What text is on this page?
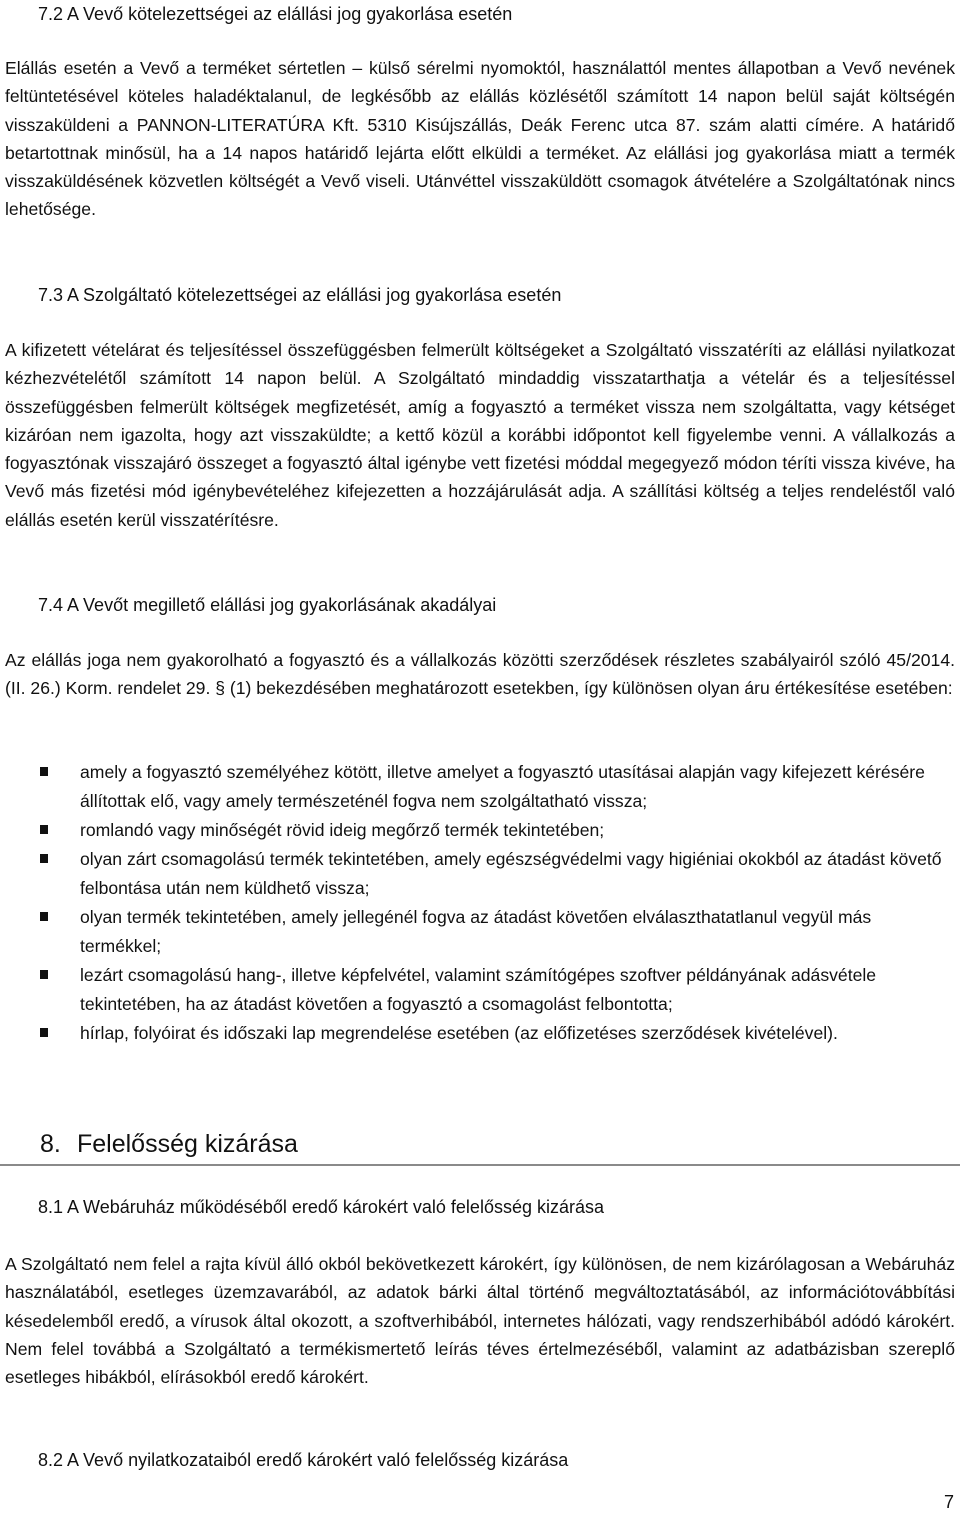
7.2 A Vevő kötelezettségei az elállási jog gyakorlása esetén

Elállás esetén a Vevő a terméket sértetlen – külső sérelmi nyomoktól, használattól mentes állapotban a Vevő nevének feltüntetésével köteles haladéktalanul, de legkésőbb az elállás közlésétől számított 14 napon belül saját költségén visszaküldeni a PANNON-LITERATÚRA Kft. 5310 Kisújszállás, Deák Ferenc utca 87. szám alatti címére. A határidő betartottnak minősül, ha a 14 napos határidő lejárta előtt elküldi a terméket. Az elállási jog gyakorlása miatt a termék visszaküldésének közvetlen költségét a Vevő viseli. Utánvéttel visszaküldött csomagok átvételére a Szolgáltatónak nincs lehetősége.

7.3 A Szolgáltató kötelezettségei az elállási jog gyakorlása esetén

A kifizetett vételárat és teljesítéssel összefüggésben felmerült költségeket a Szolgáltató visszatéríti az elállási nyilatkozat kézhezvételétől számított 14 napon belül. A Szolgáltató mindaddig visszatarthatja a vételár és a teljesítéssel összefüggésben felmerült költségek megfizetését, amíg a fogyasztó a terméket vissza nem szolgáltatta, vagy kétséget kizáróan nem igazolta, hogy azt visszaküldte; a kettő közül a korábbi időpontot kell figyelembe venni. A vállalkozás a fogyasztónak visszajáró összeget a fogyasztó által igénybe vett fizetési móddal megegyező módon téríti vissza kivéve, ha Vevő más fizetési mód igénybevételéhez kifejezetten a hozzájárulását adja. A szállítási költség a teljes rendeléstől való elállás esetén kerül visszatérítésre.

7.4 A Vevőt megillető elállási jog gyakorlásának akadályai

Az elállás joga nem gyakorolható a fogyasztó és a vállalkozás közötti szerződések részletes szabályairól szóló 45/2014. (II. 26.) Korm. rendelet 29. § (1) bekezdésében meghatározott esetekben, így különösen olyan áru értékesítése esetében:

amely a fogyasztó személyéhez kötött, illetve amelyet a fogyasztó utasításai alapján vagy kifejezett kérésére állítottak elő, vagy amely természeténél fogva nem szolgáltatható vissza;
romlandó vagy minőségét rövid ideig megőrző termék tekintetében;
olyan zárt csomagolású termék tekintetében, amely egészségvédelmi vagy higiéniai okokból az átadást követő felbontása után nem küldhető vissza;
olyan termék tekintetében, amely jellegénél fogva az átadást követően elválaszthatatlanul vegyül más termékkel;
lezárt csomagolású hang-, illetve képfelvétel, valamint számítógépes szoftver példányának adásvétele tekintetében, ha az átadást követően a fogyasztó a csomagolást felbontotta;
hírlap, folyóirat és időszaki lap megrendelése esetében (az előfizetéses szerződések kivételével).
8. Felelősség kizárása
8.1 A Webáruház működéséből eredő károkért való felelősség kizárása

A Szolgáltató nem felel a rajta kívül álló okból bekövetkezett károkért, így különösen, de nem kizárólagosan a Webáruház használatából, esetleges üzemzavarából, az adatok bárki által történő megváltoztatásából, az információtovábbítási késedelemből eredő, a vírusok által okozott, a szoftverhibából, internetes hálózati, vagy rendszerhibából adódó károkért. Nem felel továbbá a Szolgáltató a termékismertető leírás téves értelmezéséből, valamint az adatbázisban szereplő esetleges hibákból, elírásokból eredő károkért.

8.2 A Vevő nyilatkozataiból eredő károkért való felelősség kizárása
7
